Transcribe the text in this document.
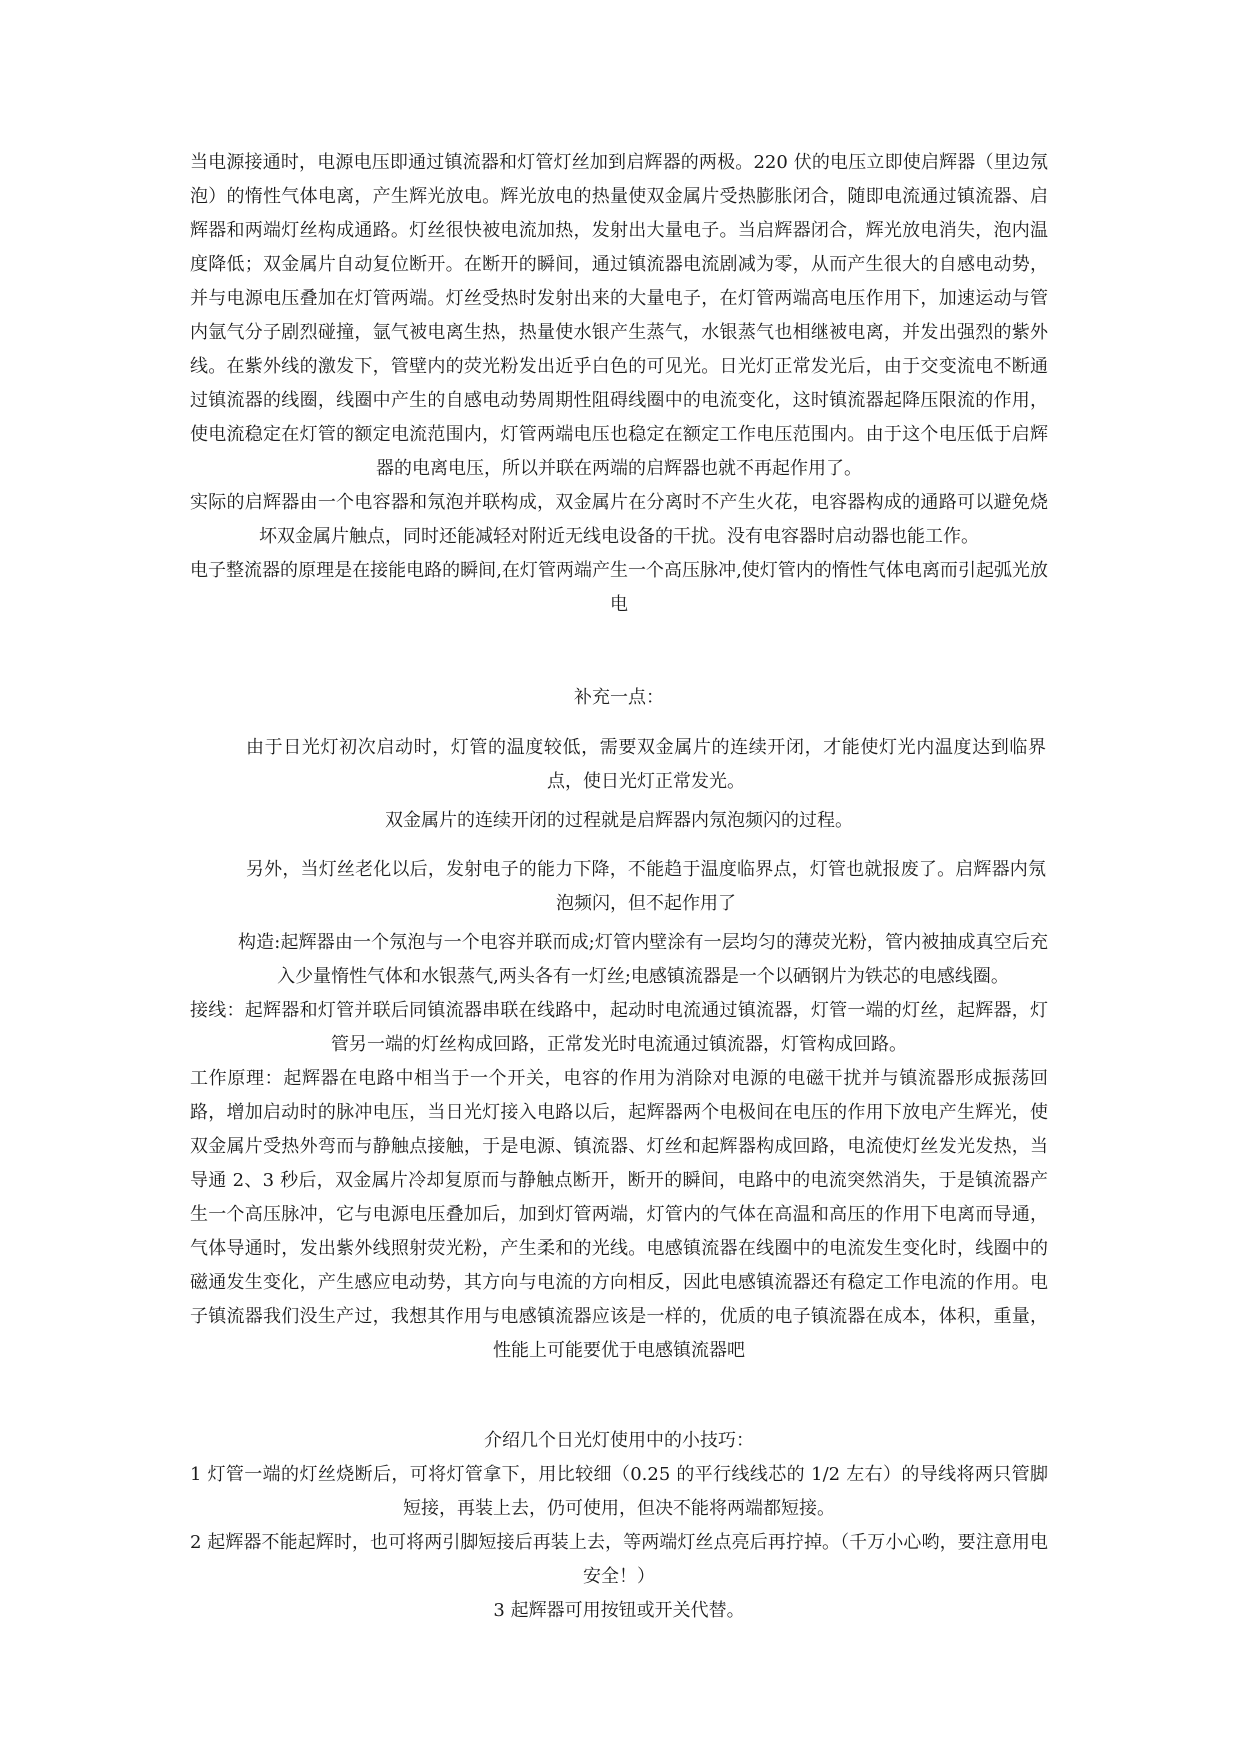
当电源接通时，电源电压即通过镇流器和灯管灯丝加到启辉器的两极。220 伏的电压立即使启辉器（里边氖泡）的惰性气体电离，产生辉光放电。辉光放电的热量使双金属片受热膨胀闭合，随即电流通过镇流器、启辉器和两端灯丝构成通路。灯丝很快被电流加热，发射出大量电子。当启辉器闭合，辉光放电消失，泡内温度降低；双金属片自动复位断开。在断开的瞬间，通过镇流器电流剧减为零，从而产生很大的自感电动势，并与电源电压叠加在灯管两端。灯丝受热时发射出来的大量电子，在灯管两端高电压作用下，加速运动与管内氩气分子剧烈碰撞，氩气被电离生热，热量使水银产生蒸气，水银蒸气也相继被电离，并发出强烈的紫外线。在紫外线的激发下，管壁内的荧光粉发出近乎白色的可见光。日光灯正常发光后，由于交变流电不断通过镇流器的线圈，线圈中产生的自感电动势周期性阻碍线圈中的电流变化，这时镇流器起降压限流的作用，使电流稳定在灯管的额定电流范围内，灯管两端电压也稳定在额定工作电压范围内。由于这个电压低于启辉器的电离电压，所以并联在两端的启辉器也就不再起作用了。

实际的启辉器由一个电容器和氖泡并联构成，双金属片在分离时不产生火花，电容器构成的通路可以避免烧坏双金属片触点，同时还能减轻对附近无线电设备的干扰。没有电容器时启动器也能工作。

电子整流器的原理是在接能电路的瞬间,在灯管两端产生一个高压脉冲,使灯管内的惰性气体电离而引起弧光放电

补充一点：

由于日光灯初次启动时，灯管的温度较低，需要双金属片的连续开闭，才能使灯光内温度达到临界点，使日光灯正常发光。

双金属片的连续开闭的过程就是启辉器内氖泡频闪的过程。

另外，当灯丝老化以后，发射电子的能力下降，不能趋于温度临界点，灯管也就报废了。启辉器内氖泡频闪，但不起作用了

构造:起辉器由一个氖泡与一个电容并联而成;灯管内壁涂有一层均匀的薄荧光粉，管内被抽成真空后充入少量惰性气体和水银蒸气,两头各有一灯丝;电感镇流器是一个以硒钢片为铁芯的电感线圈。

接线：起辉器和灯管并联后同镇流器串联在线路中，起动时电流通过镇流器，灯管一端的灯丝，起辉器，灯管另一端的灯丝构成回路，正常发光时电流通过镇流器，灯管构成回路。

工作原理：起辉器在电路中相当于一个开关，电容的作用为消除对电源的电磁干扰并与镇流器形成振荡回路，增加启动时的脉冲电压，当日光灯接入电路以后，起辉器两个电极间在电压的作用下放电产生辉光，使双金属片受热外弯而与静触点接触，于是电源、镇流器、灯丝和起辉器构成回路，电流使灯丝发光发热，当导通 2、3 秒后，双金属片冷却复原而与静触点断开，断开的瞬间，电路中的电流突然消失，于是镇流器产生一个高压脉冲，它与电源电压叠加后，加到灯管两端，灯管内的气体在高温和高压的作用下电离而导通，气体导通时，发出紫外线照射荧光粉，产生柔和的光线。电感镇流器在线圈中的电流发生变化时，线圈中的磁通发生变化，产生感应电动势，其方向与电流的方向相反，因此电感镇流器还有稳定工作电流的作用。电子镇流器我们没生产过，我想其作用与电感镇流器应该是一样的，优质的电子镇流器在成本，体积，重量，性能上可能要优于电感镇流器吧

介绍几个日光灯使用中的小技巧：

1 灯管一端的灯丝烧断后，可将灯管拿下，用比较细（0.25 的平行线线芯的 1/2 左右）的导线将两只管脚短接，再装上去，仍可使用，但决不能将两端都短接。

2 起辉器不能起辉时，也可将两引脚短接后再装上去，等两端灯丝点亮后再拧掉。（千万小心哟，要注意用电安全！）

3 起辉器可用按钮或开关代替。
